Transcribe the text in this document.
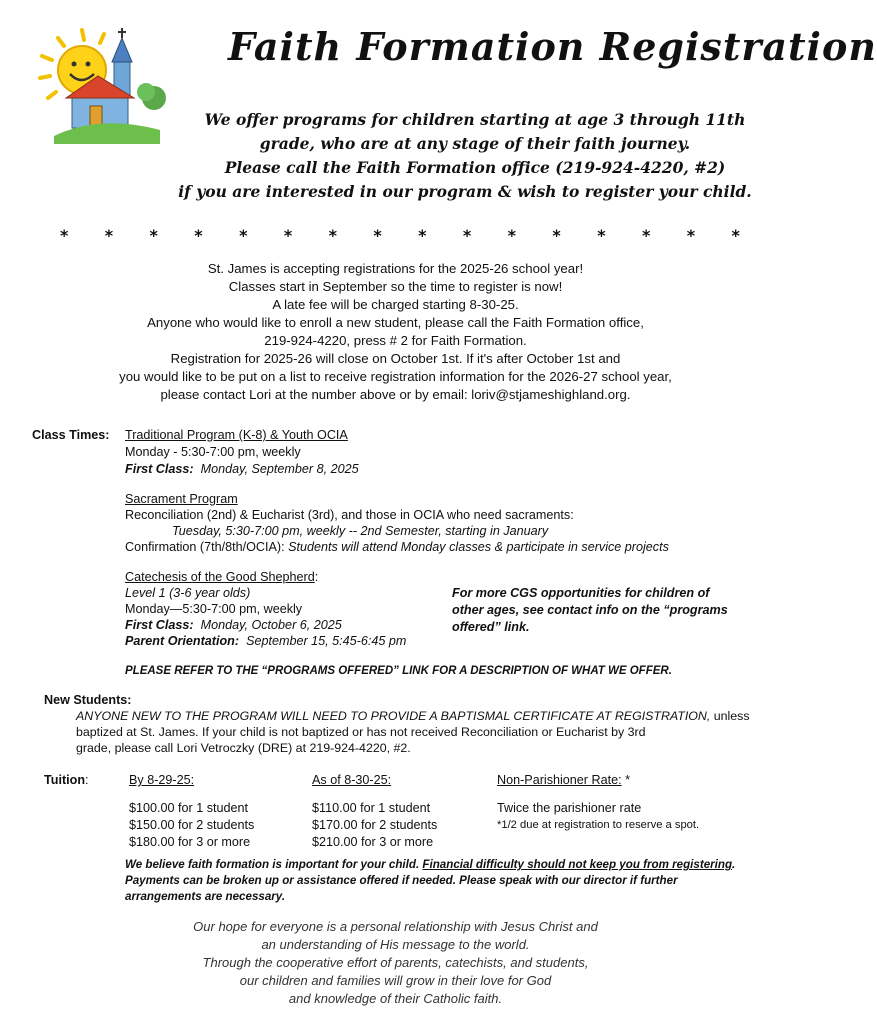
Faith Formation Registration
We offer programs for children starting at age 3 through 11th
grade, who are at any stage of their faith journey.
Please call the Faith Formation office (219-924-4220, #2)
if you are interested in our program & wish to register your child.
* * * * * * * * * * * * * * * *
St. James is accepting registrations for the 2025-26 school year!
Classes start in September so the time to register is now!
A late fee will be charged starting 8-30-25.
Anyone who would like to enroll a new student, please call the Faith Formation office,
219-924-4220, press # 2 for Faith Formation.
Registration for 2025-26 will close on October 1st. If it's after October 1st and
you would like to be put on a list to receive registration information for the 2026-27 school year,
please contact Lori at the number above or by email: loriv@stjameshighland.org.
Class Times: Traditional Program (K-8) & Youth OCIA
Monday - 5:30-7:00 pm, weekly
First Class: Monday, September 8, 2025
Sacrament Program
Reconciliation (2nd) & Eucharist (3rd), and those in OCIA who need sacraments:
Tuesday, 5:30-7:00 pm, weekly -- 2nd Semester, starting in January
Confirmation (7th/8th/OCIA): Students will attend Monday classes & participate in service projects
Catechesis of the Good Shepherd:
Level 1 (3-6 year olds)
Monday—5:30-7:00 pm, weekly
First Class: Monday, October 6, 2025
Parent Orientation: September 15, 5:45-6:45 pm
For more CGS opportunities for children of
other ages, see contact info on the “programs
offered” link.
PLEASE REFER TO THE “PROGRAMS OFFERED” LINK FOR A DESCRIPTION OF WHAT WE OFFER.
New Students:
ANYONE NEW TO THE PROGRAM WILL NEED TO PROVIDE A BAPTISMAL CERTIFICATE AT REGISTRATION, unless
baptized at St. James. If your child is not baptized or has not received Reconciliation or Eucharist by 3rd
grade, please call Lori Vetroczky (DRE) at 219-924-4220, #2.
Tuition:	By 8-29-25:
$100.00 for 1 student
$150.00 for 2 students
$180.00 for 3 or more
As of 8-30-25:
$110.00 for 1 student
$170.00 for 2 students
$210.00 for 3 or more
Non-Parishioner Rate: *
Twice the parishioner rate
*1/2 due at registration to reserve a spot.
We believe faith formation is important for your child. Financial difficulty should not keep you from registering.
Payments can be broken up or assistance offered if needed. Please speak with our director if further
arrangements are necessary.
Our hope for everyone is a personal relationship with Jesus Christ and
an understanding of His message to the world.
Through the cooperative effort of parents, catechists, and students,
our children and families will grow in their love for God
and knowledge of their Catholic faith.
